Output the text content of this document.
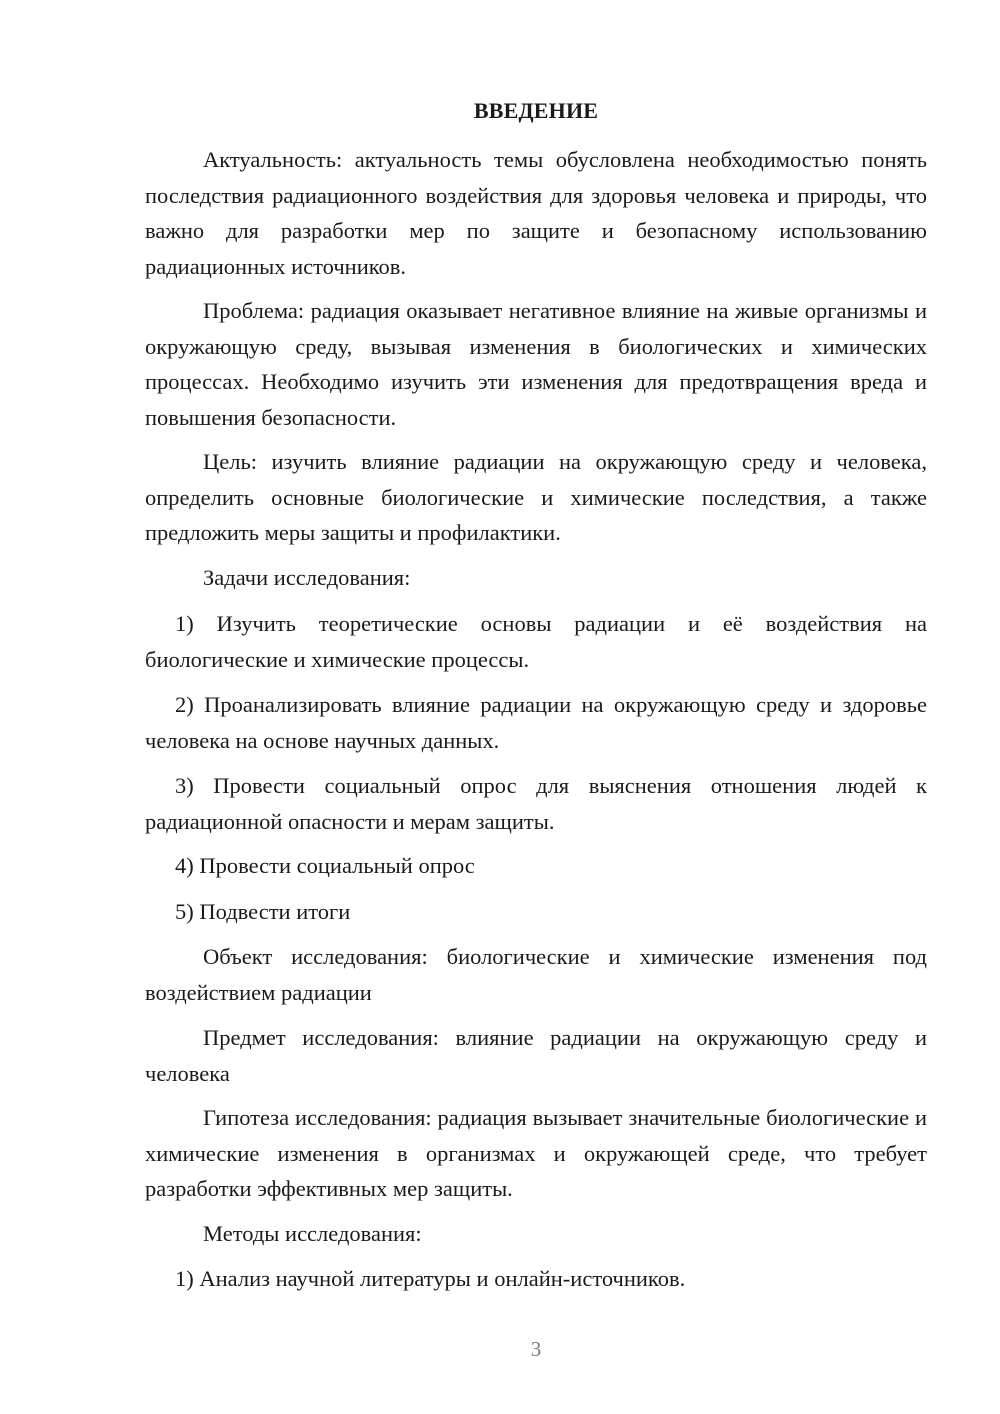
ВВЕДЕНИЕ

Актуальность: актуальность темы обусловлена необходимостью понять последствия радиационного воздействия для здоровья человека и природы, что важно для разработки мер по защите и безопасному использованию радиационных источников.

Проблема: радиация оказывает негативное влияние на живые организмы и окружающую среду, вызывая изменения в биологических и химических процессах. Необходимо изучить эти изменения для предотвращения вреда и повышения безопасности.

Цель: изучить влияние радиации на окружающую среду и человека, определить основные биологические и химические последствия, а также предложить меры защиты и профилактики.

Задачи исследования:

1) Изучить теоретические основы радиации и её воздействия на биологические и химические процессы.

2) Проанализировать влияние радиации на окружающую среду и здоровье человека на основе научных данных.

3) Провести социальный опрос для выяснения отношения людей к радиационной опасности и мерам защиты.

4) Провести социальный опрос

5) Подвести итоги

Объект исследования: биологические и химические изменения под воздействием радиации

Предмет исследования: влияние радиации на окружающую среду и человека

Гипотеза исследования: радиация вызывает значительные биологические и химические изменения в организмах и окружающей среде, что требует разработки эффективных мер защиты.

Методы исследования:

1) Анализ научной литературы и онлайн-источников.

3
